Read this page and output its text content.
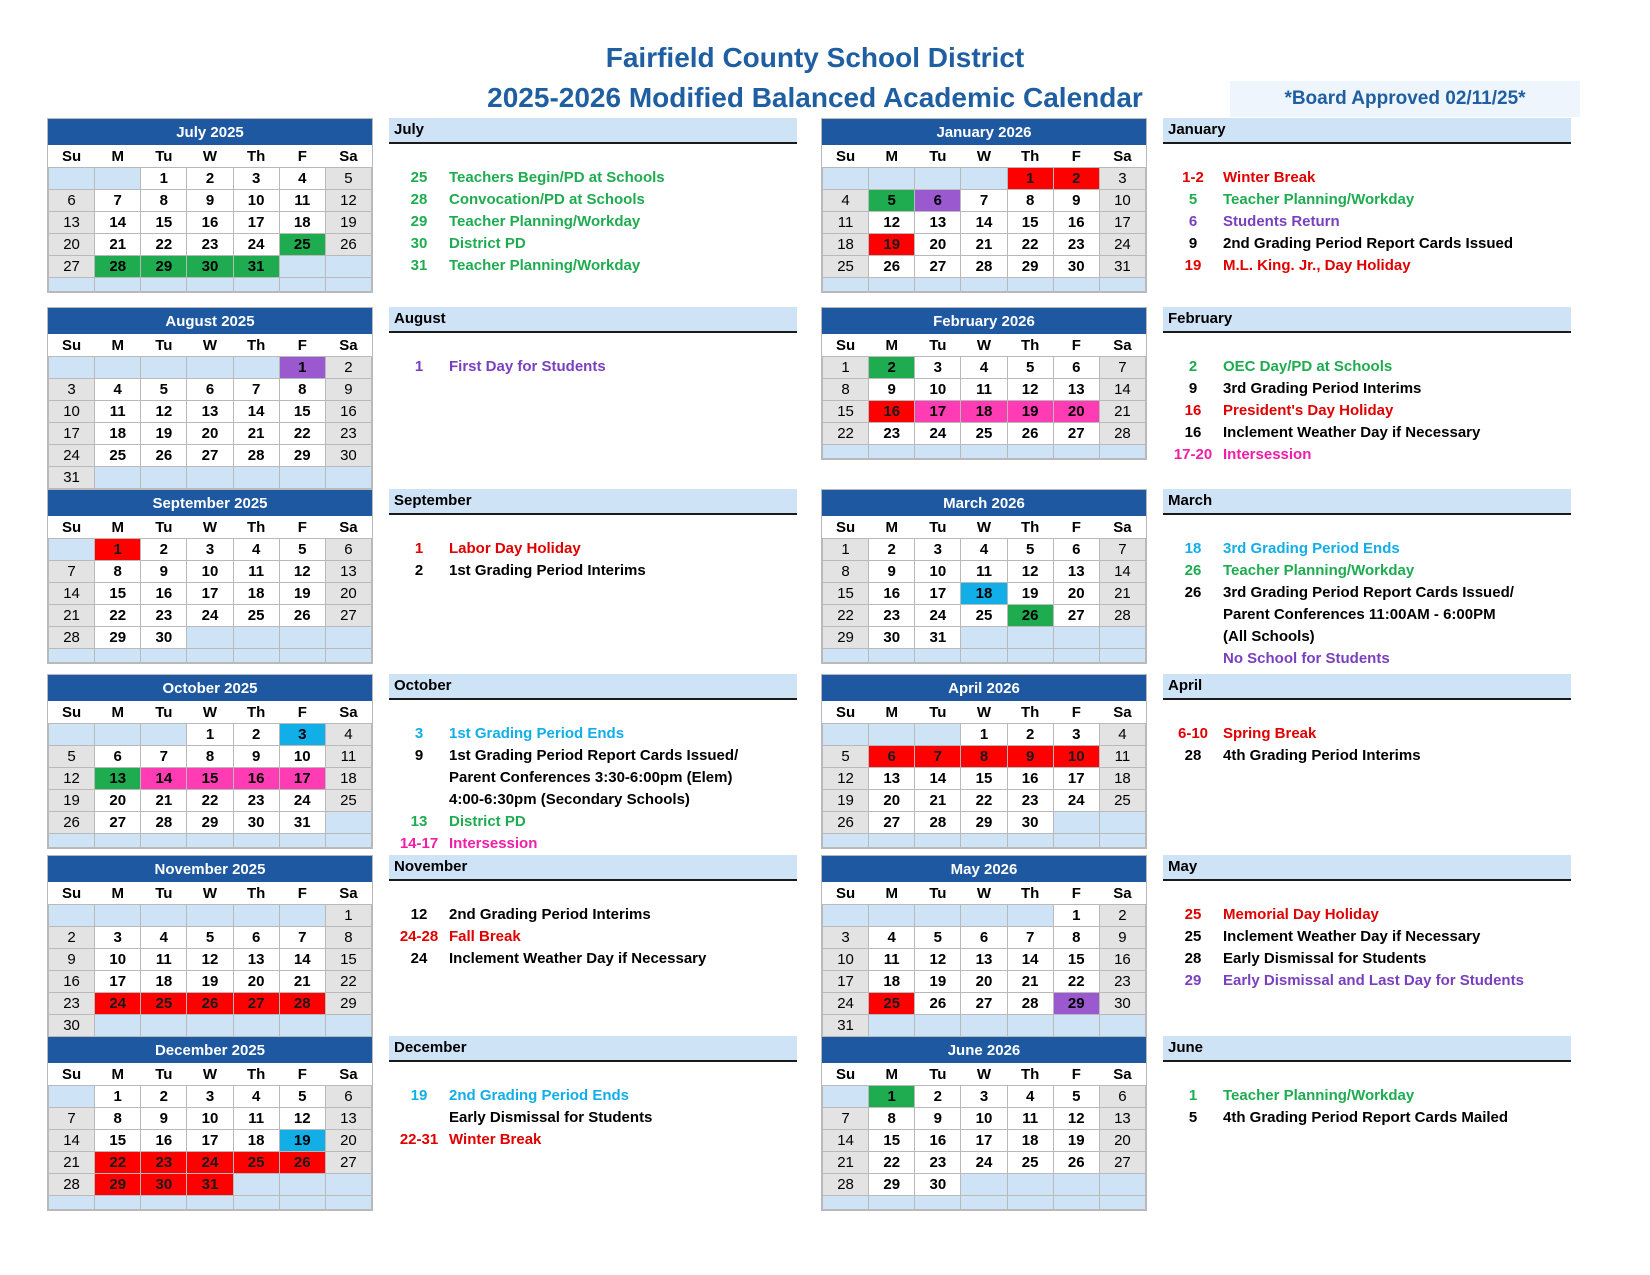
Fairfield County School District
2025-2026 Modified Balanced Academic Calendar	*Board Approved 02/11/25*
July 2025						
Su	M	Tu	W	Th	F	Sa
		1	2	3	4	5
6	7	8	9	10	11	12
13	14	15	16	17	18	19
20	21	22	23	24	25	26
27	28	29	30	31		

August 2025						
Su	M	Tu	W	Th	F	Sa
					1	2
3	4	5	6	7	8	9
10	11	12	13	14	15	16
17	18	19	20	21	22	23
24	25	26	27	28	29	30
31						

September 2025						
Su	M	Tu	W	Th	F	Sa
	1	2	3	4	5	6
7	8	9	10	11	12	13
14	15	16	17	18	19	20
21	22	23	24	25	26	27
28	29	30				

October 2025						
Su	M	Tu	W	Th	F	Sa
			1	2	3	4
5	6	7	8	9	10	11
12	13	14	15	16	17	18
19	20	21	22	23	24	25
26	27	28	29	30	31	

November 2025						
Su	M	Tu	W	Th	F	Sa
						1
2	3	4	5	6	7	8
9	10	11	12	13	14	15
16	17	18	19	20	21	22
23	24	25	26	27	28	29
30						

December 2025						
Su	M	Tu	W	Th	F	Sa
	1	2	3	4	5	6
7	8	9	10	11	12	13
14	15	16	17	18	19	20
21	22	23	24	25	26	27
28	29	30	31			

January 2026						
Su	M	Tu	W	Th	F	Sa
				1	2	3
4	5	6	7	8	9	10
11	12	13	14	15	16	17
18	19	20	21	22	23	24
25	26	27	28	29	30	31

February 2026						
Su	M	Tu	W	Th	F	Sa
1	2	3	4	5	6	7
8	9	10	11	12	13	14
15	16	17	18	19	20	21
22	23	24	25	26	27	28

March 2026						
Su	M	Tu	W	Th	F	Sa
1	2	3	4	5	6	7
8	9	10	11	12	13	14
15	16	17	18	19	20	21
22	23	24	25	26	27	28
29	30	31				

April 2026						
Su	M	Tu	W	Th	F	Sa
			1	2	3	4
5	6	7	8	9	10	11
12	13	14	15	16	17	18
19	20	21	22	23	24	25
26	27	28	29	30		

May 2026						
Su	M	Tu	W	Th	F	Sa
					1	2
3	4	5	6	7	8	9
10	11	12	13	14	15	16
17	18	19	20	21	22	23
24	25	26	27	28	29	30
31						

June 2026						
Su	M	Tu	W	Th	F	Sa
	1	2	3	4	5	6
7	8	9	10	11	12	13
14	15	16	17	18	19	20
21	22	23	24	25	26	27
28	29	30				

July
25 Teachers Begin/PD at Schools
28 Convocation/PD at Schools
29 Teacher Planning/Workday
30 District PD
31 Teacher Planning/Workday
August
1 First Day for Students
September
1 Labor Day Holiday
2 1st Grading Period Interims
October
3 1st Grading Period Ends
9 1st Grading Period Report Cards Issued/
Parent Conferences 3:30-6:00pm (Elem)
4:00-6:30pm (Secondary Schools)
13 District PD
14-17 Intersession
November
12 2nd Grading Period Interims
24-28 Fall Break
24 Inclement Weather Day if Necessary
December
19 2nd Grading Period Ends
Early Dismissal for Students
22-31 Winter Break
January
1-2 Winter Break
5 Teacher Planning/Workday
6 Students Return
9 2nd Grading Period Report Cards Issued
19 M.L. King. Jr., Day Holiday
February
2 OEC Day/PD at Schools
9 3rd Grading Period Interims
16 President's Day Holiday
16 Inclement Weather Day if Necessary
17-20 Intersession
March
18 3rd Grading Period Ends
26 Teacher Planning/Workday
26 3rd Grading Period Report Cards Issued/
Parent Conferences 11:00AM - 6:00PM
(All Schools)
No School for Students
April
6-10 Spring Break
28 4th Grading Period Interims
May
25 Memorial Day Holiday
25 Inclement Weather Day if Necessary
28 Early Dismissal for Students
29 Early Dismissal and Last Day for Students
June
1 Teacher Planning/Workday
5 4th Grading Period Report Cards Mailed
